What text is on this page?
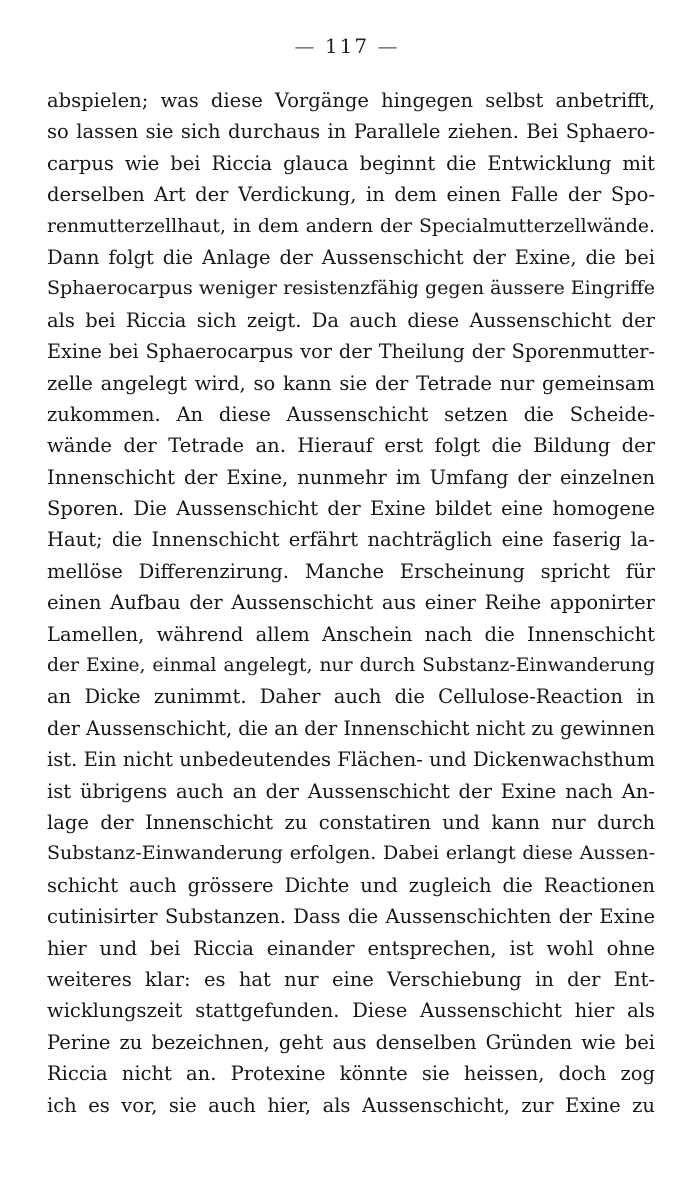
— 117 —
abspielen; was diese Vorgänge hingegen selbst anbetrifft,
so lassen sie sich durchaus in Parallele ziehen. Bei Sphaero-
carpus wie bei Riccia glauca beginnt die Entwicklung mit
derselben Art der Verdickung, in dem einen Falle der Spo-
renmutterzellhaut, in dem andern der Specialmutterzellwände.
Dann folgt die Anlage der Aussenschicht der Exine, die bei
Sphaerocarpus weniger resistenzfähig gegen äussere Eingriffe
als bei Riccia sich zeigt. Da auch diese Aussenschicht der
Exine bei Sphaerocarpus vor der Theilung der Sporenmutter-
zelle angelegt wird, so kann sie der Tetrade nur gemeinsam
zukommen. An diese Aussenschicht setzen die Scheide-
wände der Tetrade an. Hierauf erst folgt die Bildung der
Innenschicht der Exine, nunmehr im Umfang der einzelnen
Sporen. Die Aussenschicht der Exine bildet eine homogene
Haut; die Innenschicht erfährt nachträglich eine faserig la-
mellöse Differenzirung. Manche Erscheinung spricht für
einen Aufbau der Aussenschicht aus einer Reihe apponirter
Lamellen, während allem Anschein nach die Innenschicht
der Exine, einmal angelegt, nur durch Substanz-Einwanderung
an Dicke zunimmt. Daher auch die Cellulose-Reaction in
der Aussenschicht, die an der Innenschicht nicht zu gewinnen
ist. Ein nicht unbedeutendes Flächen- und Dickenwachsthum
ist übrigens auch an der Aussenschicht der Exine nach An-
lage der Innenschicht zu constatiren und kann nur durch
Substanz-Einwanderung erfolgen. Dabei erlangt diese Aussen-
schicht auch grössere Dichte und zugleich die Reactionen
cutinisirter Substanzen. Dass die Aussenschichten der Exine
hier und bei Riccia einander entsprechen, ist wohl ohne
weiteres klar: es hat nur eine Verschiebung in der Ent-
wicklungszeit stattgefunden. Diese Aussenschicht hier als
Perine zu bezeichnen, geht aus denselben Gründen wie bei
Riccia nicht an. Protexine könnte sie heissen, doch zog
ich es vor, sie auch hier, als Aussenschicht, zur Exine zu
